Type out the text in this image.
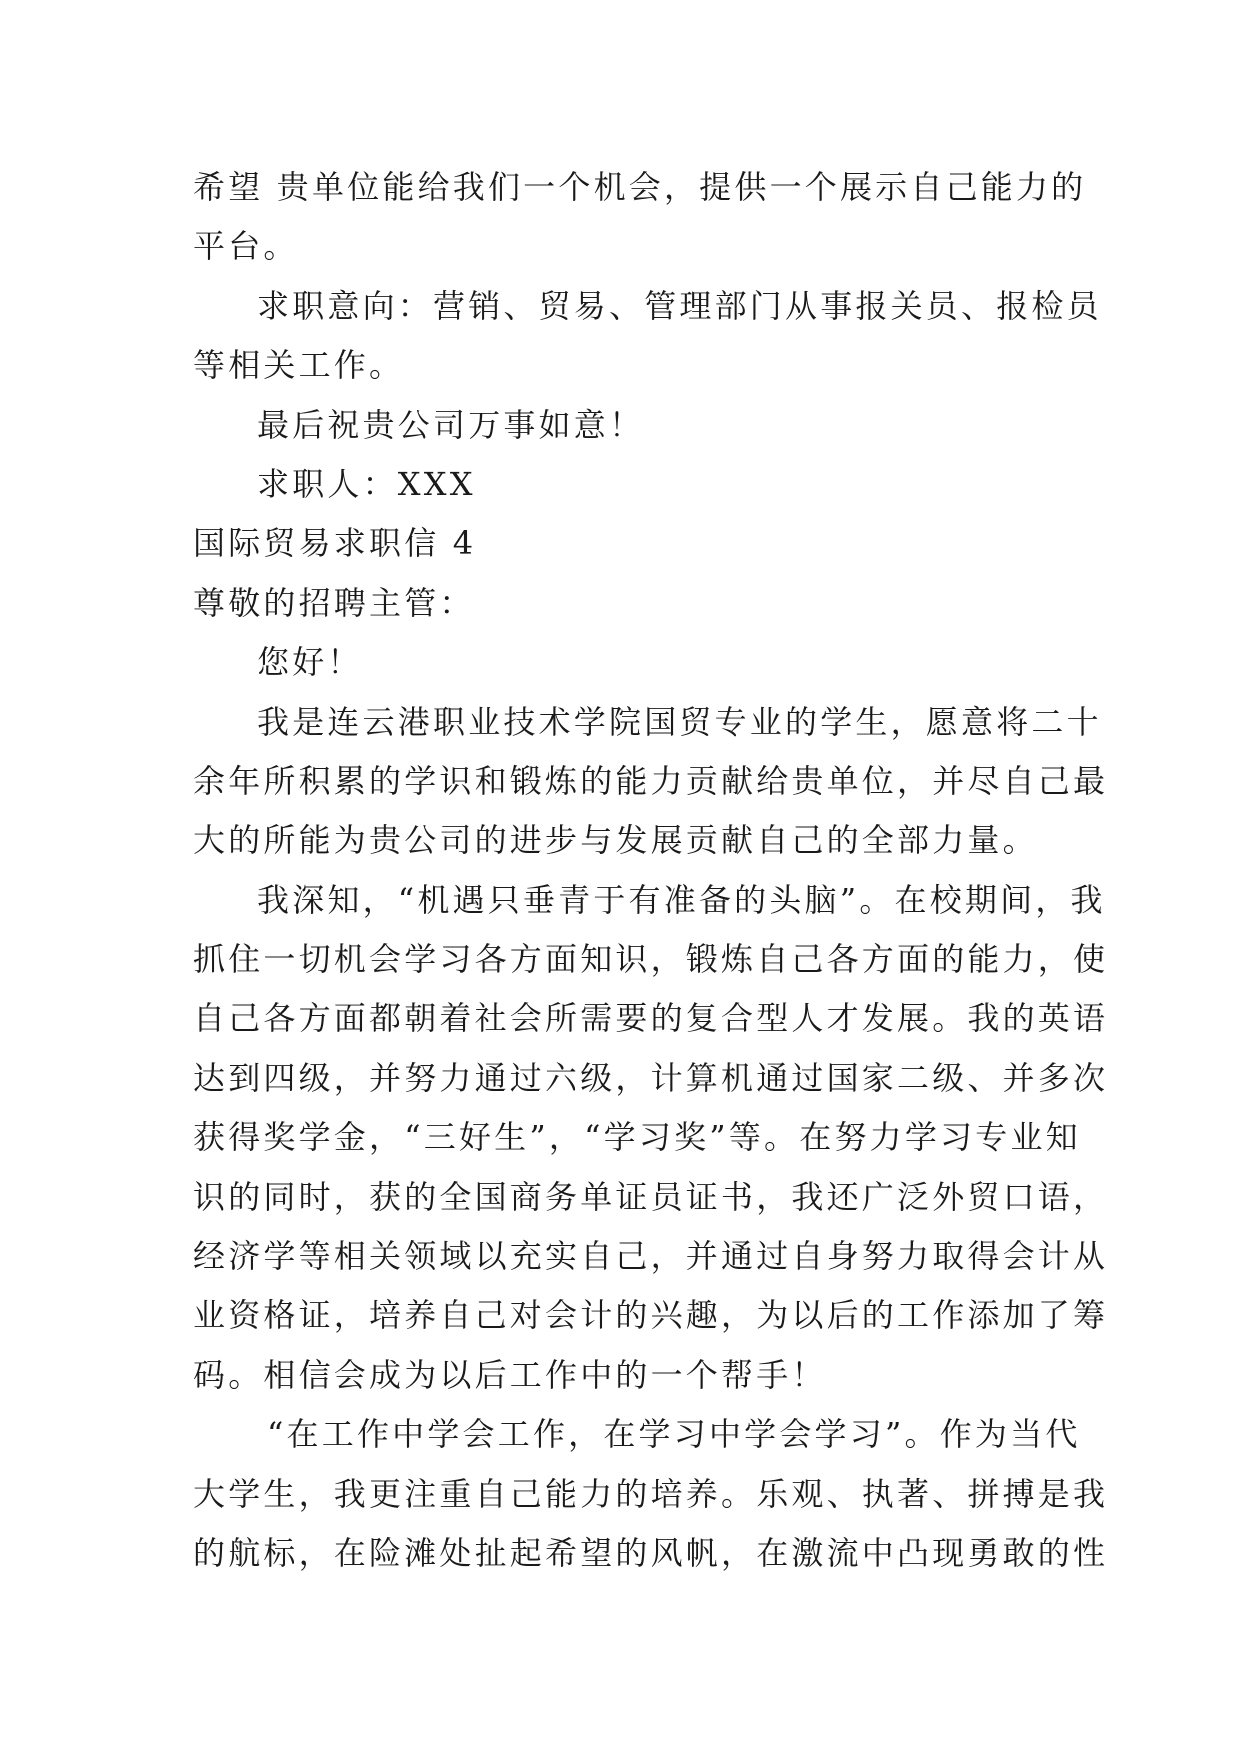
希望 贵单位能给我们一个机会，提供一个展示自己能力的
平台。
求职意向：营销、贸易、管理部门从事报关员、报检员
等相关工作。
最后祝贵公司万事如意！
求职人：XXX
国际贸易求职信 4
尊敬的招聘主管：
您好！
我是连云港职业技术学院国贸专业的学生，愿意将二十
余年所积累的学识和锻炼的能力贡献给贵单位，并尽自己最
大的所能为贵公司的进步与发展贡献自己的全部力量。
我深知，“机遇只垂青于有准备的头脑”。在校期间，我
抓住一切机会学习各方面知识，锻炼自己各方面的能力，使
自己各方面都朝着社会所需要的复合型人才发展。我的英语
达到四级，并努力通过六级，计算机通过国家二级、并多次
获得奖学金，“三好生”，“学习奖”等。在努力学习专业知
识的同时，获的全国商务单证员证书，我还广泛外贸口语，
经济学等相关领域以充实自己，并通过自身努力取得会计从
业资格证，培养自己对会计的兴趣，为以后的工作添加了筹
码。相信会成为以后工作中的一个帮手！
“在工作中学会工作，在学习中学会学习”。作为当代
大学生，我更注重自己能力的培养。乐观、执著、拼搏是我
的航标，在险滩处扯起希望的风帆，在激流中凸现勇敢的性
